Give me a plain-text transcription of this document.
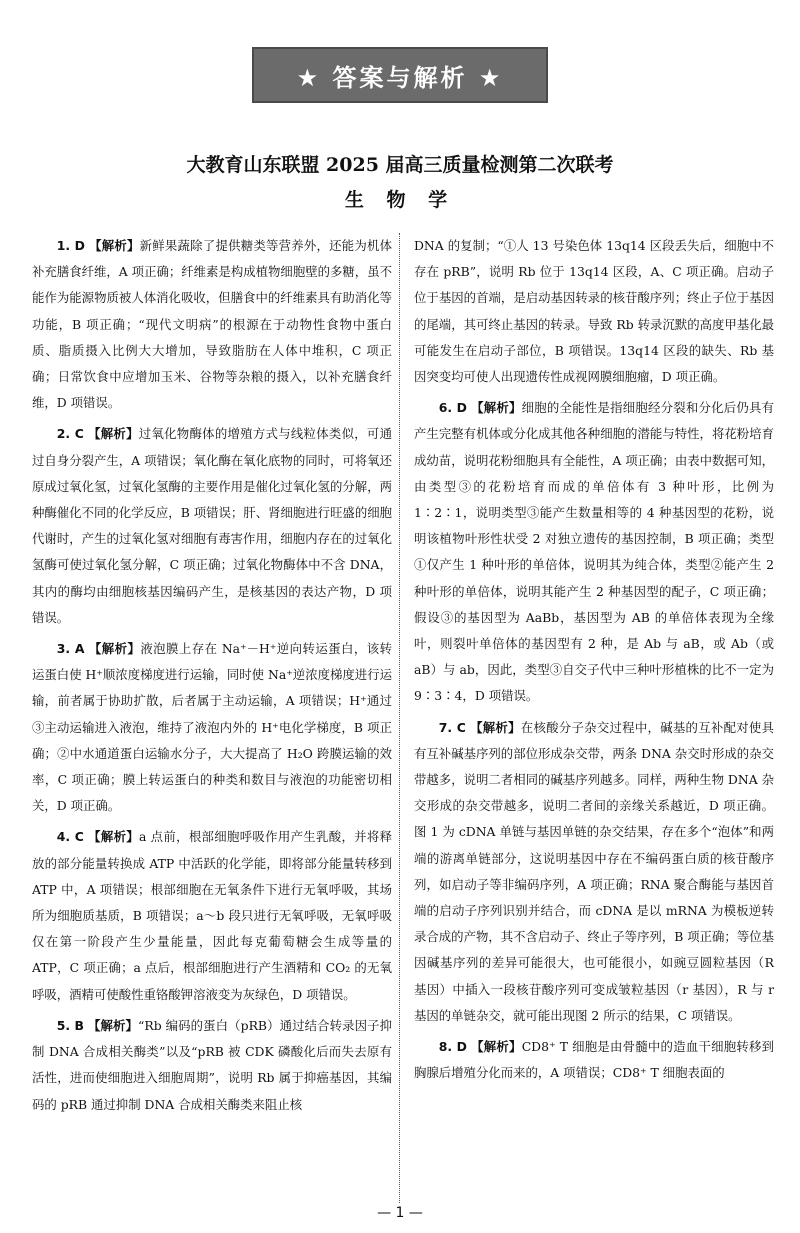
★ 答案与解析 ★
大教育山东联盟 2025 届高三质量检测第二次联考
生 物 学

1. D 【解析】新鲜果蔬除了提供糖类等营养外，还能为机体补充膳食纤维，A 项正确；纤维素是构成植物细胞壁的多糖，虽不能作为能源物质被人体消化吸收，但膳食中的纤维素具有助消化等功能，B 项正确；“现代文明病”的根源在于动物性食物中蛋白质、脂质摄入比例大大增加，导致脂肪在人体中堆积，C 项正确；日常饮食中应增加玉米、谷物等杂粮的摄入，以补充膳食纤维，D 项错误。

2. C 【解析】过氧化物酶体的增殖方式与线粒体类似，可通过自身分裂产生，A 项错误；氧化酶在氧化底物的同时，可将氧还原成过氧化氢，过氧化氢酶的主要作用是催化过氧化氢的分解，两种酶催化不同的化学反应，B 项错误；肝、肾细胞进行旺盛的细胞代谢时，产生的过氧化氢对细胞有毒害作用，细胞内存在的过氧化氢酶可使过氧化氢分解，C 项正确；过氧化物酶体中不含 DNA，其内的酶均由细胞核基因编码产生，是核基因的表达产物，D 项错误。

3. A 【解析】液泡膜上存在 Na⁺－H⁺逆向转运蛋白，该转运蛋白使 H⁺顺浓度梯度进行运输，同时使 Na⁺逆浓度梯度进行运输，前者属于协助扩散，后者属于主动运输，A 项错误；H⁺通过③主动运输进入液泡，维持了液泡内外的 H⁺电化学梯度，B 项正确；②中水通道蛋白运输水分子，大大提高了 H₂O 跨膜运输的效率，C 项正确；膜上转运蛋白的种类和数目与液泡的功能密切相关，D 项正确。

4. C 【解析】a 点前，根部细胞呼吸作用产生乳酸，并将释放的部分能量转换成 ATP 中活跃的化学能，即将部分能量转移到 ATP 中，A 项错误；根部细胞在无氧条件下进行无氧呼吸，其场所为细胞质基质，B 项错误；a～b 段只进行无氧呼吸，无氧呼吸仅在第一阶段产生少量能量，因此每克葡萄糖会生成等量的 ATP，C 项正确；a 点后，根部细胞进行产生酒精和 CO₂ 的无氧呼吸，酒精可使酸性重铬酸钾溶液变为灰绿色，D 项错误。

5. B 【解析】“Rb 编码的蛋白（pRB）通过结合转录因子抑制 DNA 合成相关酶类”以及“pRB 被 CDK 磷酸化后而失去原有活性，进而使细胞进入细胞周期”，说明 Rb 属于抑癌基因，其编码的 pRB 通过抑制 DNA 合成相关酶类来阻止核

DNA 的复制；“①人 13 号染色体 13q14 区段丢失后，细胞中不存在 pRB”，说明 Rb 位于 13q14 区段，A、C 项正确。启动子位于基因的首端，是启动基因转录的核苷酸序列；终止子位于基因的尾端，其可终止基因的转录。导致 Rb 转录沉默的高度甲基化最可能发生在启动子部位，B 项错误。13q14 区段的缺失、Rb 基因突变均可使人出现遗传性成视网膜细胞瘤，D 项正确。

6. D 【解析】细胞的全能性是指细胞经分裂和分化后仍具有产生完整有机体或分化成其他各种细胞的潜能与特性，将花粉培育成幼苗，说明花粉细胞具有全能性，A 项正确；由表中数据可知，由类型③的花粉培育而成的单倍体有 3 种叶形，比例为 1∶2∶1，说明类型③能产生数量相等的 4 种基因型的花粉，说明该植物叶形性状受 2 对独立遗传的基因控制，B 项正确；类型①仅产生 1 种叶形的单倍体，说明其为纯合体，类型②能产生 2 种叶形的单倍体，说明其能产生 2 种基因型的配子，C 项正确；假设③的基因型为 AaBb，基因型为 AB 的单倍体表现为全缘叶，则裂叶单倍体的基因型有 2 种，是 Ab 与 aB，或 Ab（或 aB）与 ab，因此，类型③自交子代中三种叶形植株的比不一定为 9∶3∶4，D 项错误。

7. C 【解析】在核酸分子杂交过程中，碱基的互补配对使具有互补碱基序列的部位形成杂交带，两条 DNA 杂交时形成的杂交带越多，说明二者相同的碱基序列越多。同样，两种生物 DNA 杂交形成的杂交带越多，说明二者间的亲缘关系越近，D 项正确。图 1 为 cDNA 单链与基因单链的杂交结果，存在多个“泡体”和两端的游离单链部分，这说明基因中存在不编码蛋白质的核苷酸序列，如启动子等非编码序列，A 项正确；RNA 聚合酶能与基因首端的启动子序列识别并结合，而 cDNA 是以 mRNA 为模板逆转录合成的产物，其不含启动子、终止子等序列，B 项正确；等位基因碱基序列的差异可能很大，也可能很小，如豌豆圆粒基因（R 基因）中插入一段核苷酸序列可变成皱粒基因（r 基因），R 与 r 基因的单链杂交，就可能出现图 2 所示的结果，C 项错误。

8. D 【解析】CD8⁺ T 细胞是由骨髓中的造血干细胞转移到胸腺后增殖分化而来的，A 项错误；CD8⁺ T 细胞表面的

— 1 —
